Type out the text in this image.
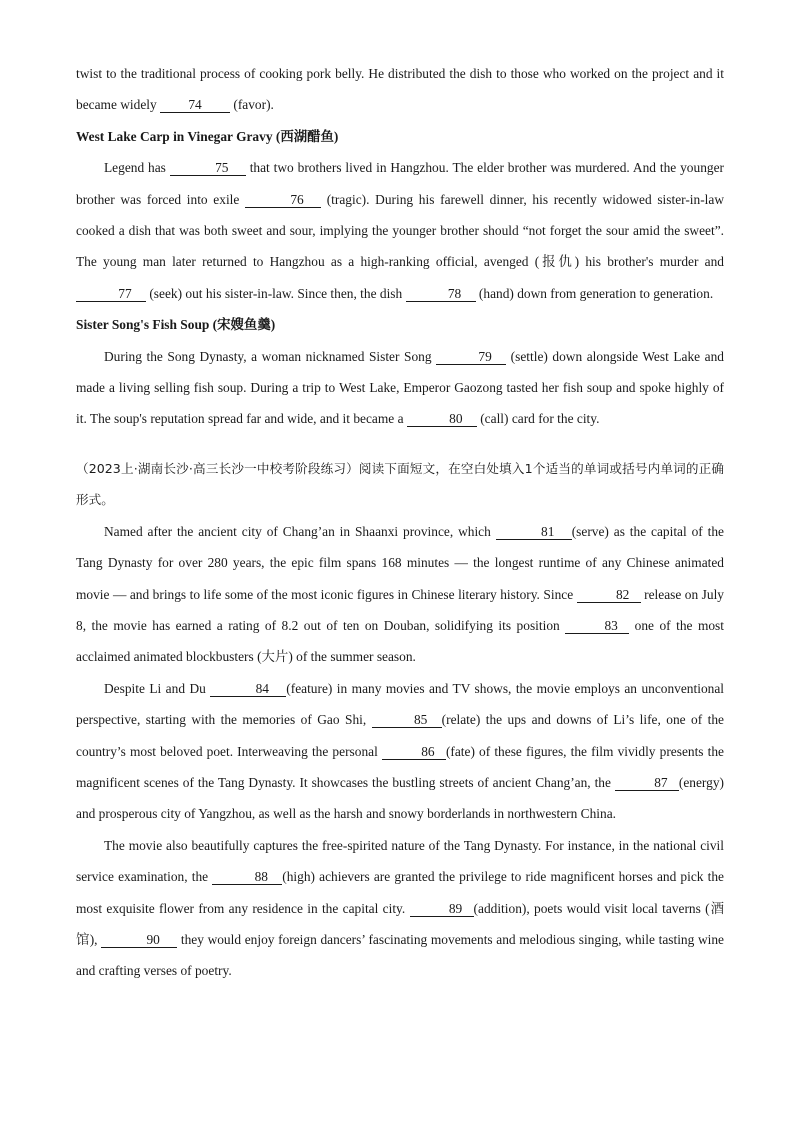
twist to the traditional process of cooking pork belly. He distributed the dish to those who worked on the project and it became widely 74 (favor).

West Lake Carp in Vinegar Gravy (西湖醋鱼)

Legend has	75 that two brothers lived in Hangzhou. The elder brother was murdered. And the younger brother was forced into exile	76 (tragic). During his farewell dinner, his recently widowed sister-in-law cooked a dish that was both sweet and sour, implying the younger brother should “not forget the sour amid the sweet”. The young man later returned to Hangzhou as a high-ranking official, avenged (报仇) his brother's murder and 77 (seek) out his sister-in-law. Since then, the dish	78 (hand) down from generation to generation.

Sister Song's Fish Soup (宋嫂鱼羹)

During the Song Dynasty, a woman nicknamed Sister Song	79 (settle) down alongside West Lake and made a living selling fish soup. During a trip to West Lake, Emperor Gaozong tasted her fish soup and spoke highly of it. The soup's reputation spread far and wide, and it became a	80 (call) card for the city.

（2023上·湖南长沙·高三长沙一中校考阶段练习）阅读下面短文，在空白处填入1个适当的单词或括号内单词的正确形式。

Named after the ancient city of Chang’an in Shaanxi province, which	81 (serve) as the capital of the Tang Dynasty for over 280 years, the epic film spans 168 minutes — the longest runtime of any Chinese animated movie — and brings to life some of the most iconic figures in Chinese literary history. Since	82 release on July 8, the movie has earned a rating of 8.2 out of ten on Douban, solidifying its position	83 one of the most acclaimed animated blockbusters (大片) of the summer season.

Despite Li and Du	84 (feature) in many movies and TV shows, the movie employs an unconventional perspective, starting with the memories of Gao Shi,	85 (relate) the ups and downs of Li’s life, one of the country’s most beloved poet. Interweaving the personal	86 (fate) of these figures, the film vividly presents the magnificent scenes of the Tang Dynasty. It showcases the bustling streets of ancient Chang’an, the	87 (energy) and prosperous city of Yangzhou, as well as the harsh and snowy borderlands in northwestern China.

The movie also beautifully captures the free-spirited nature of the Tang Dynasty. For instance, in the national civil service examination, the	88 (high) achievers are granted the privilege to ride magnificent horses and pick the most exquisite flower from any residence in the capital city.	89 (addition), poets would visit local taverns (酒馆),	90 they would enjoy foreign dancers’ fascinating movements and melodious singing, while tasting wine and crafting verses of poetry.
